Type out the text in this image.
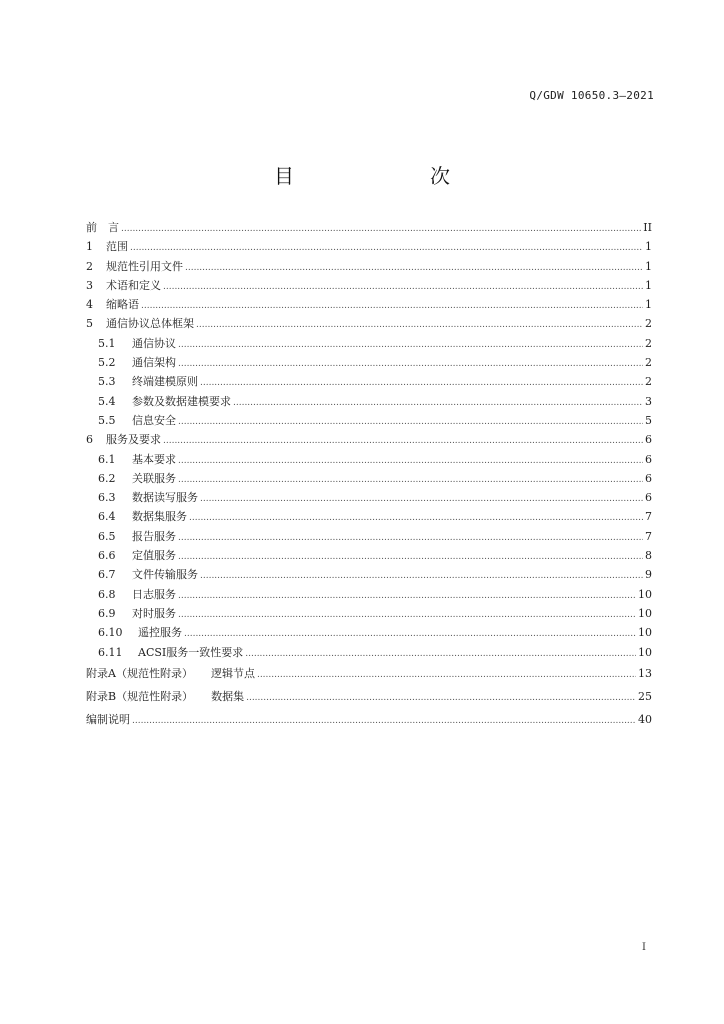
Q/GDW 10650.3—2021
目　　次
前　言 .....	II
1	范围 .....	1
2	规范性引用文件 .....	1
3	术语和定义 .....	1
4	缩略语 .....	1
5	通信协议总体框架 .....	2
5.1	通信协议 .....	2
5.2	通信架构 .....	2
5.3	终端建模原则 .....	2
5.4	参数及数据建模要求 .....	3
5.5	信息安全 .....	5
6	服务及要求 .....	6
6.1	基本要求 .....	6
6.2	关联服务 .....	6
6.3	数据读写服务 .....	6
6.4	数据集服务 .....	7
6.5	报告服务 .....	7
6.6	定值服务 .....	8
6.7	文件传输服务 .....	9
6.8	日志服务 .....	10
6.9	对时服务 .....	10
6.10	遥控服务 .....	10
6.11	ACSI服务一致性要求 .....	10
附录A（规范性附录） 逻辑节点 .....	13
附录B（规范性附录） 数据集 .....	25
编制说明 .....	40
I
